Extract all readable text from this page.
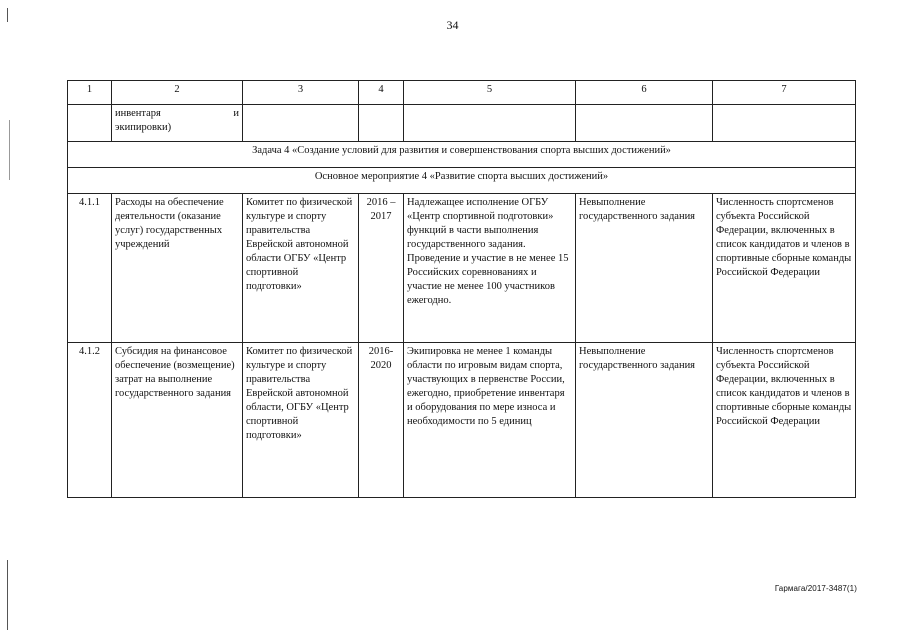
34
1	2	3	4	5	6	7

	инвентаря и
экипировки)					

Задача 4 «Создание условий для развития и совершенствования спорта высших достижений»						
Основное мероприятие 4 «Развитие спорта высших достижений»						
4.1.1	Расходы на обеспечение деятельности (оказание услуг) государственных учреждений	Комитет по физической культуре и спорту правительства Еврейской автономной области ОГБУ «Центр спортивной подготовки»	2016 – 2017	Надлежащее исполнение ОГБУ «Центр спортивной подготовки» функций в части выполнения государственного задания. Проведение и участие в не менее 15 Российских соревнованиях и участие не менее 100 участников ежегодно.	Невыполнение государственного задания	Численность спортсменов субъекта Российской Федерации, включенных в список кандидатов и членов в спортивные сборные команды Российской Федерации
4.1.2	Субсидия на финансовое обеспечение (возмещение) затрат на выполнение государственного задания	Комитет по физической культуре и спорту правительства Еврейской автономной области, ОГБУ «Центр спортивной подготовки»	2016-2020	Экипировка не менее 1 команды области по игровым видам спорта, участвующих в первенстве России, ежегодно, приобретение инвентаря и оборудования по мере износа и необходимости по 5 единиц	Невыполнение государственного задания	Численность спортсменов субъекта Российской Федерации, включенных в список кандидатов и членов в спортивные сборные команды Российской Федерации
Гармага/2017-3487(1)
